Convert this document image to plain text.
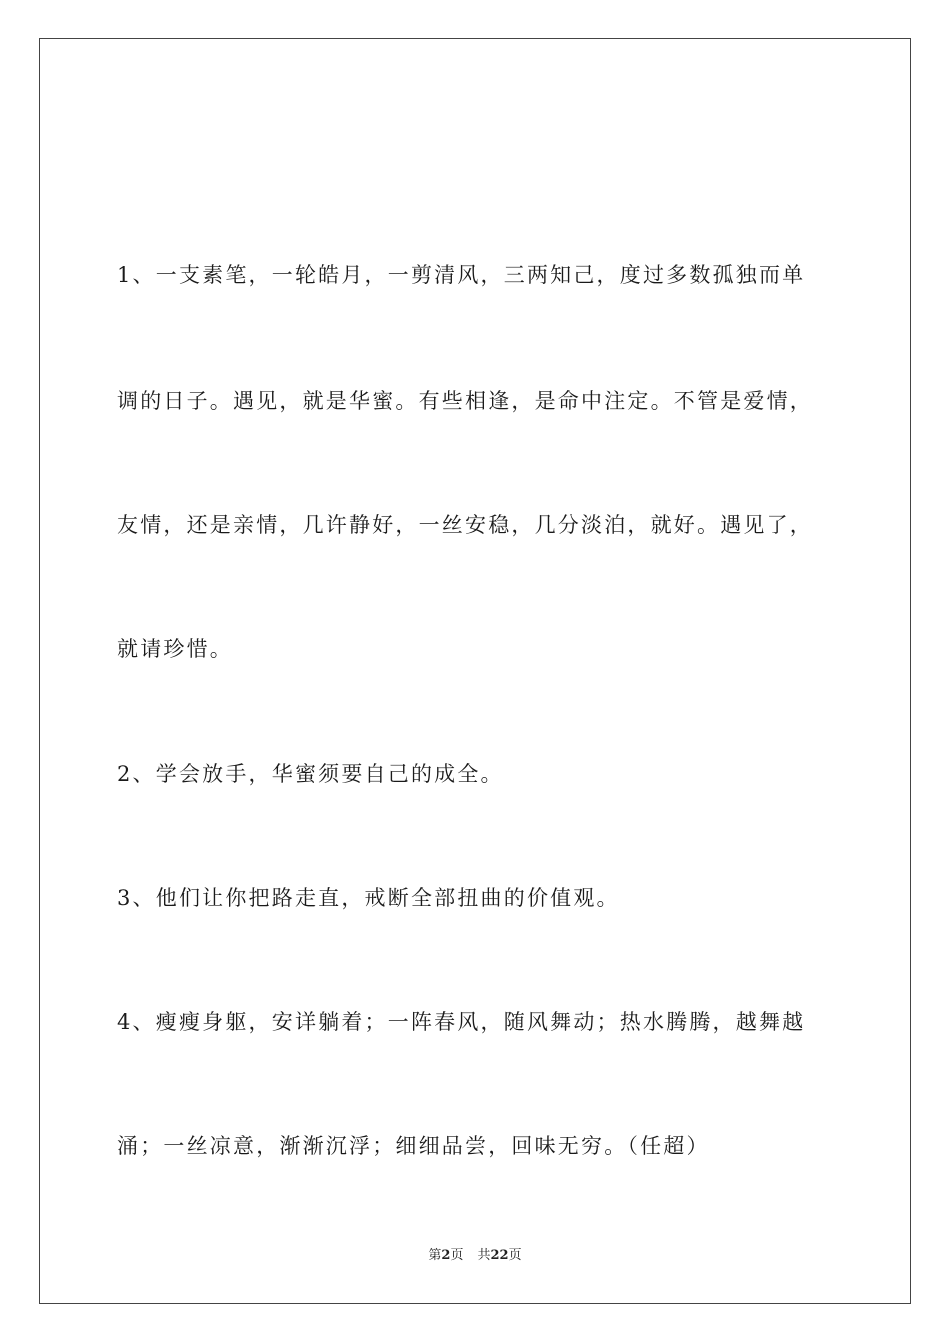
1、一支素笔，一轮皓月，一剪清风，三两知己，度过多数孤独而单
调的日子。遇见，就是华蜜。有些相逢，是命中注定。不管是爱情，
友情，还是亲情，几许静好，一丝安稳，几分淡泊，就好。遇见了，
就请珍惜。
2、学会放手，华蜜须要自己的成全。
3、他们让你把路走直，戒断全部扭曲的价值观。
4、瘦瘦身躯，安详躺着；一阵春风，随风舞动；热水腾腾，越舞越
涌；一丝凉意，渐渐沉浮；细细品尝，回味无穷。（任超）
第2页 共22页
